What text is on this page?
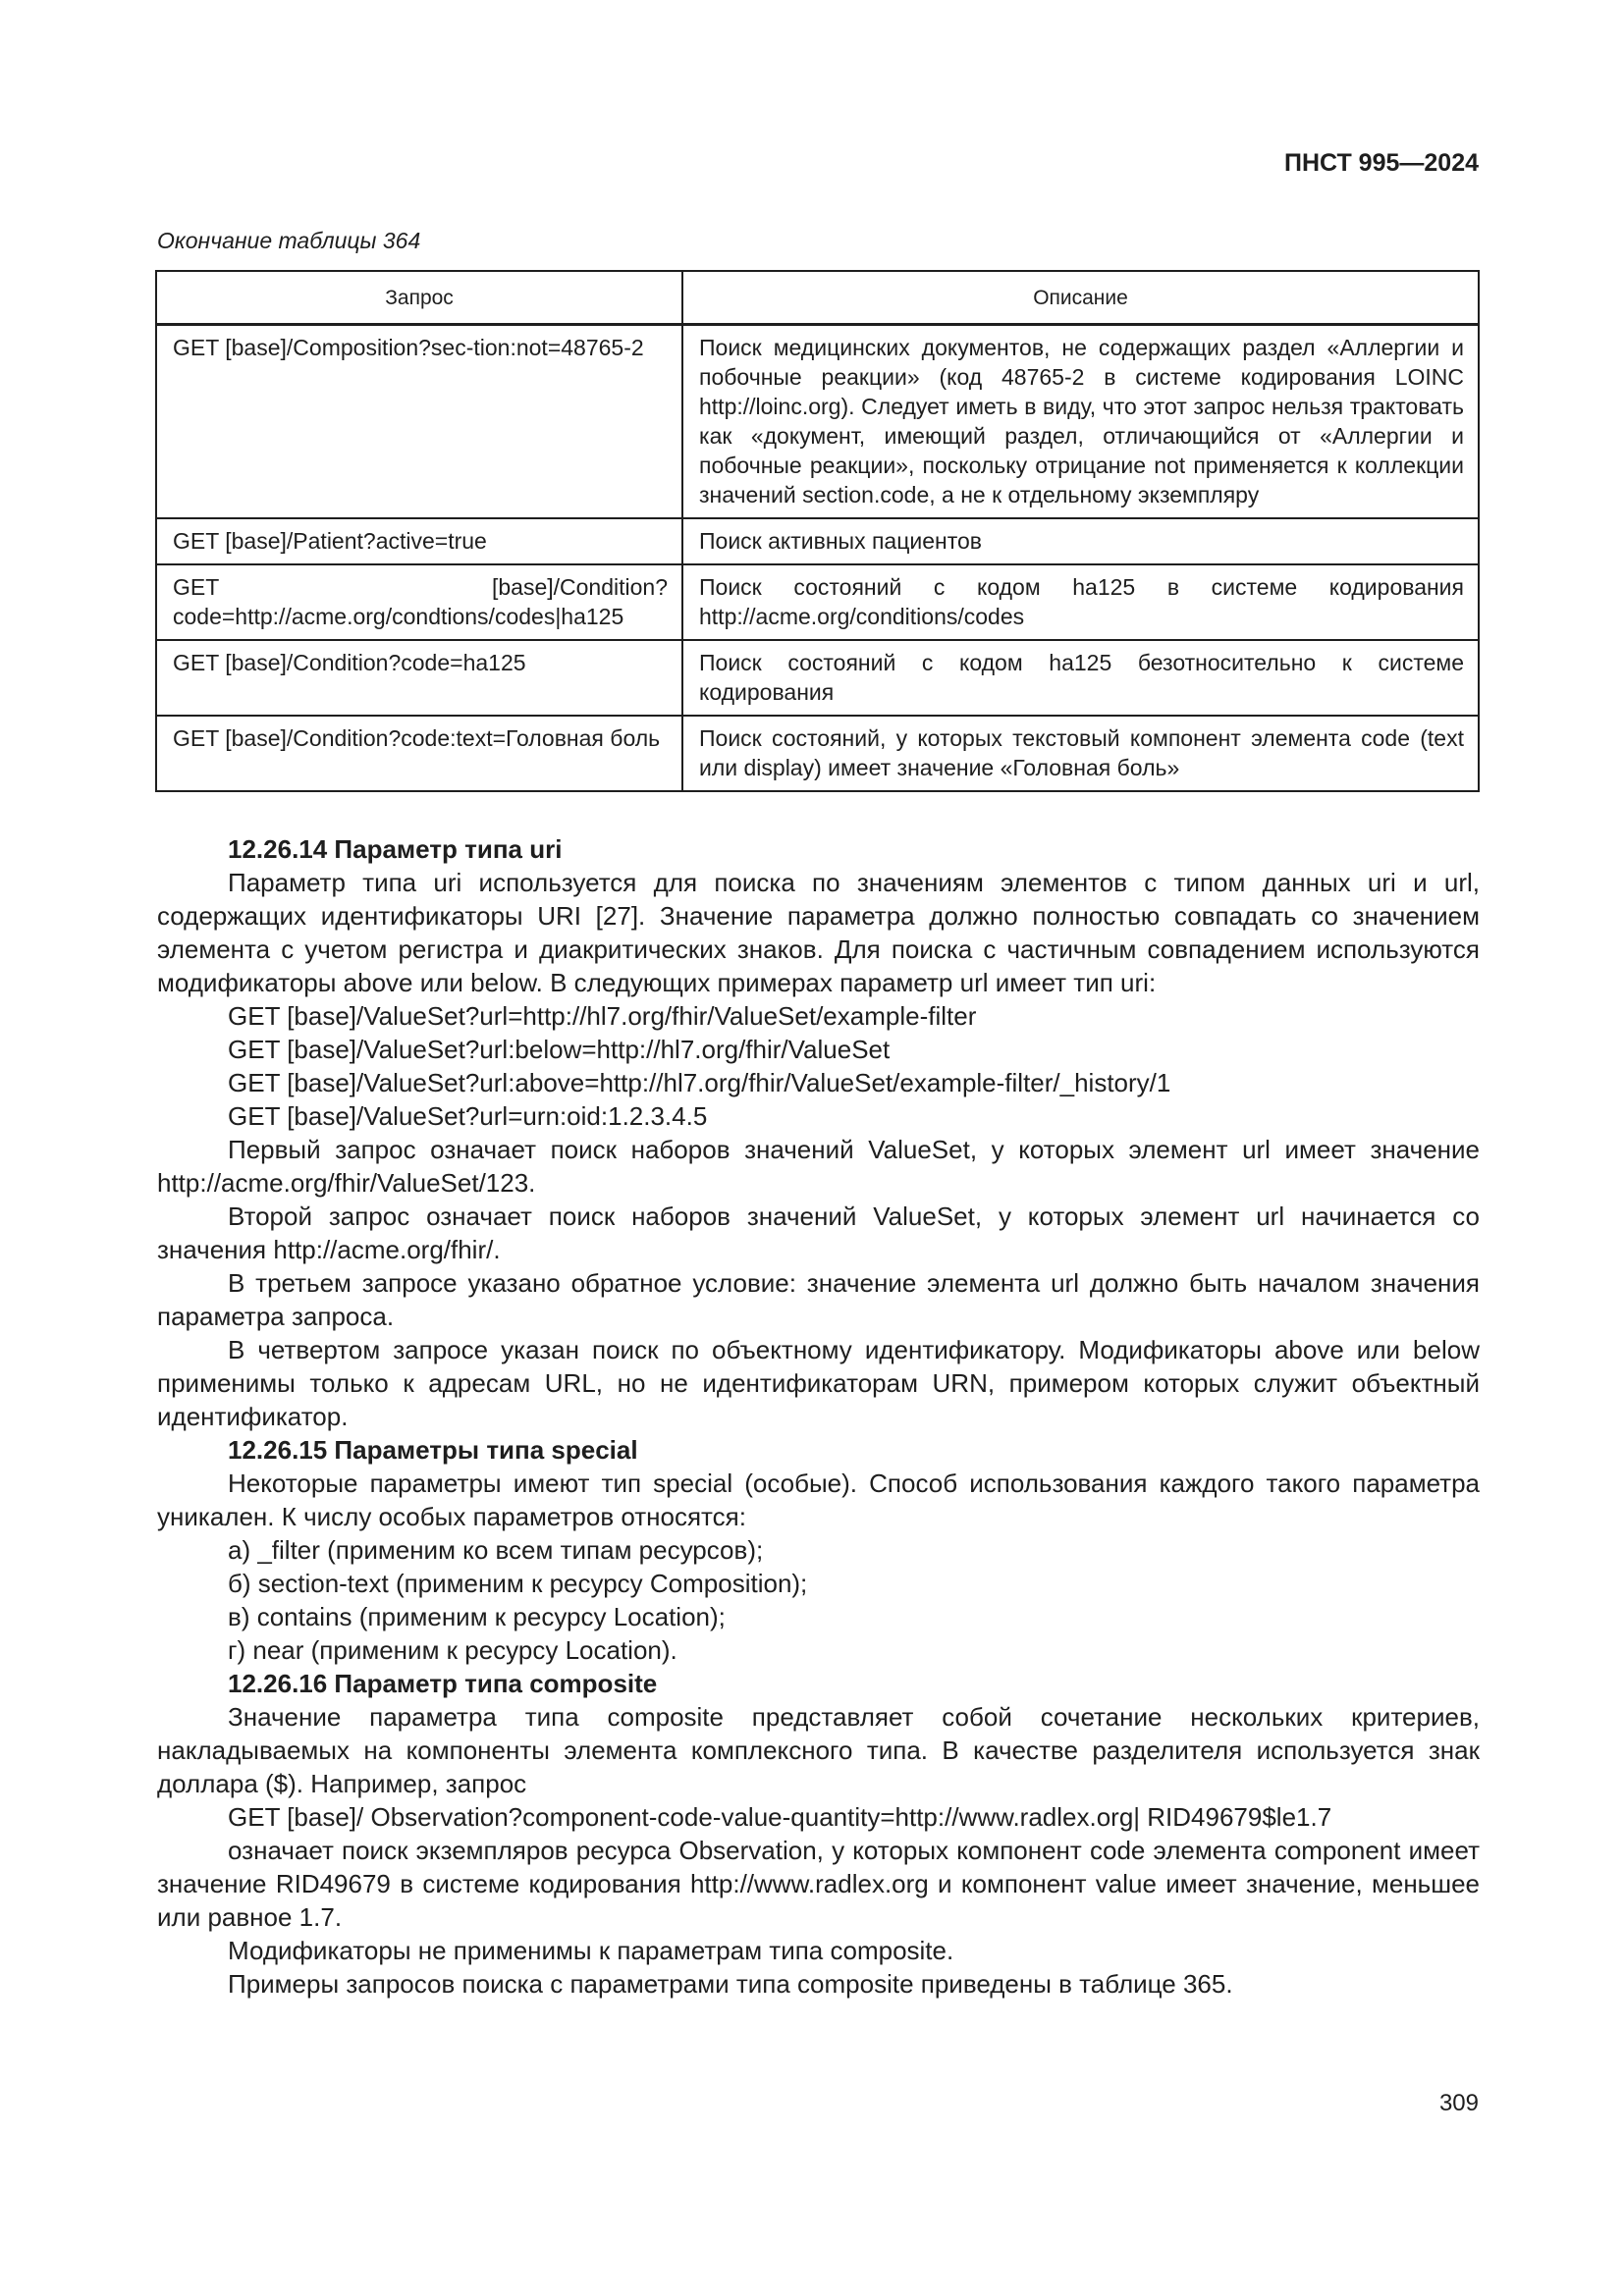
ПНСТ 995—2024
Окончание таблицы 364
Запрос	Описание
GET [base]/Composition?sec-tion:not=48765-2	Поиск медицинских документов, не содержащих раздел «Аллергии и побочные реакции» (код 48765-2 в системе кодирования LOINC http://loinc.org). Следует иметь в виду, что этот запрос нельзя трактовать как «документ, имеющий раздел, отличающийся от «Аллергии и побочные реакции», поскольку отрицание not применяется к коллекции значений section.code, а не к отдельному экземпляру
GET [base]/Patient?active=true	Поиск активных пациентов
GET [base]/Condition?code=http://acme.org/condtions/codes|ha125	Поиск состояний с кодом ha125 в системе кодирования http://acme.org/conditions/codes
GET [base]/Condition?code=ha125	Поиск состояний с кодом ha125 безотносительно к системе кодирования
GET [base]/Condition?code:text=Головная боль	Поиск состояний, у которых текстовый компонент элемента code (text или display) имеет значение «Головная боль»

12.26.14 Параметр типа uri

Параметр типа uri используется для поиска по значениям элементов с типом данных uri и url, содержащих идентификаторы URI [27]. Значение параметра должно полностью совпадать со значением элемента с учетом регистра и диакритических знаков. Для поиска с частичным совпадением используются модификаторы above или below. В следующих примерах параметр url имеет тип uri:

GET [base]/ValueSet?url=http://hl7.org/fhir/ValueSet/example-filter

GET [base]/ValueSet?url:below=http://hl7.org/fhir/ValueSet

GET [base]/ValueSet?url:above=http://hl7.org/fhir/ValueSet/example-filter/_history/1

GET [base]/ValueSet?url=urn:oid:1.2.3.4.5

Первый запрос означает поиск наборов значений ValueSet, у которых элемент url имеет значение http://acme.org/fhir/ValueSet/123.

Второй запрос означает поиск наборов значений ValueSet, у которых элемент url начинается со значения http://acme.org/fhir/.

В третьем запросе указано обратное условие: значение элемента url должно быть началом значения параметра запроса.

В четвертом запросе указан поиск по объектному идентификатору. Модификаторы above или below применимы только к адресам URL, но не идентификаторам URN, примером которых служит объектный идентификатор.

12.26.15 Параметры типа special

Некоторые параметры имеют тип special (особые). Способ использования каждого такого параметра уникален. К числу особых параметров относятся:

а) _filter (применим ко всем типам ресурсов);

б) section-text (применим к ресурсу Composition);

в) contains (применим к ресурсу Location);

г) near (применим к ресурсу Location).

12.26.16 Параметр типа composite

Значение параметра типа composite представляет собой сочетание нескольких критериев, накладываемых на компоненты элемента комплексного типа. В качестве разделителя используется знак доллара ($). Например, запрос

GET [base]/ Observation?component-code-value-quantity=http://www.radlex.org| RID49679$le1.7

означает поиск экземпляров ресурса Observation, у которых компонент code элемента component имеет значение RID49679 в системе кодирования http://www.radlex.org и компонент value имеет значение, меньшее или равное 1.7.

Модификаторы не применимы к параметрам типа composite.

Примеры запросов поиска с параметрами типа composite приведены в таблице 365.

309
